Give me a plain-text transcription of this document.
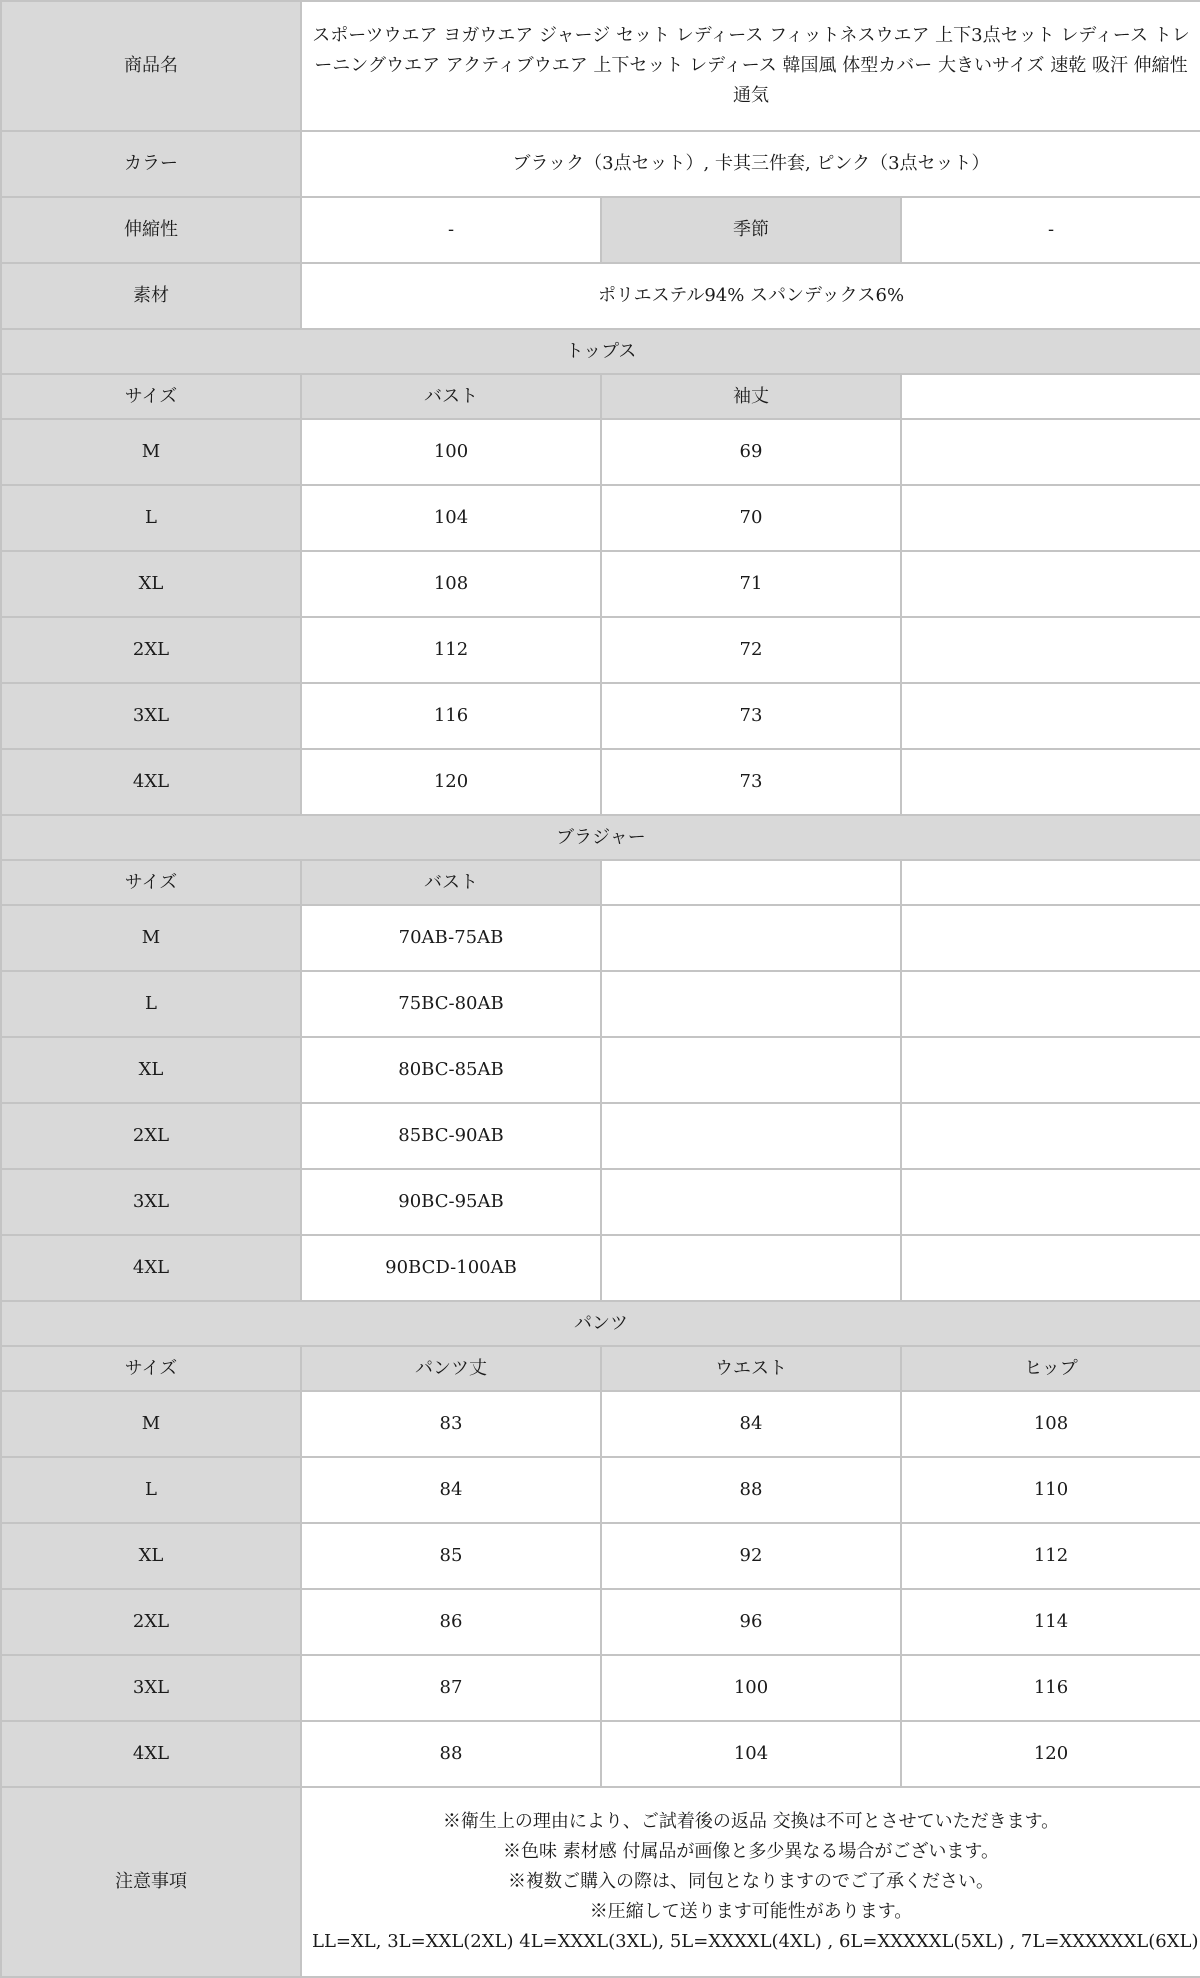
商品名	スポーツウエア ヨガウエア ジャージ セット レディース フィットネスウエア 上下3点セット レディース トレーニングウエア アクティブウエア 上下セット レディース 韓国風 体型カバー 大きいサイズ 速乾 吸汗 伸縮性 通気		
カラー	ブラック（3点セット）, 卡其三件套, ピンク（3点セット）		
伸縮性	-	季節	-
素材	ポリエステル94% スパンデックス6%		
トップス			
サイズ	バスト	袖丈	
M	100	69	
L	104	70	
XL	108	71	
2XL	112	72	
3XL	116	73	
4XL	120	73	
ブラジャー			
サイズ	バスト		
M	70AB-75AB		
L	75BC-80AB		
XL	80BC-85AB		
2XL	85BC-90AB		
3XL	90BC-95AB		
4XL	90BCD-100AB		
パンツ			
サイズ	パンツ丈	ウエスト	ヒップ
M	83	84	108
L	84	88	110
XL	85	92	112
2XL	86	96	114
3XL	87	100	116
4XL	88	104	120
注意事項	※衛生上の理由により、ご試着後の返品 交換は不可とさせていただきます。
※色味 素材感 付属品が画像と多少異なる場合がございます。
※複数ご購入の際は、同包となりますのでご了承ください。
※圧縮して送ります可能性があります。
LL=XL, 3L=XXL(2XL) 4L=XXXL(3XL), 5L=XXXXL(4XL) , 6L=XXXXXL(5XL) , 7L=XXXXXXL(6XL)		
